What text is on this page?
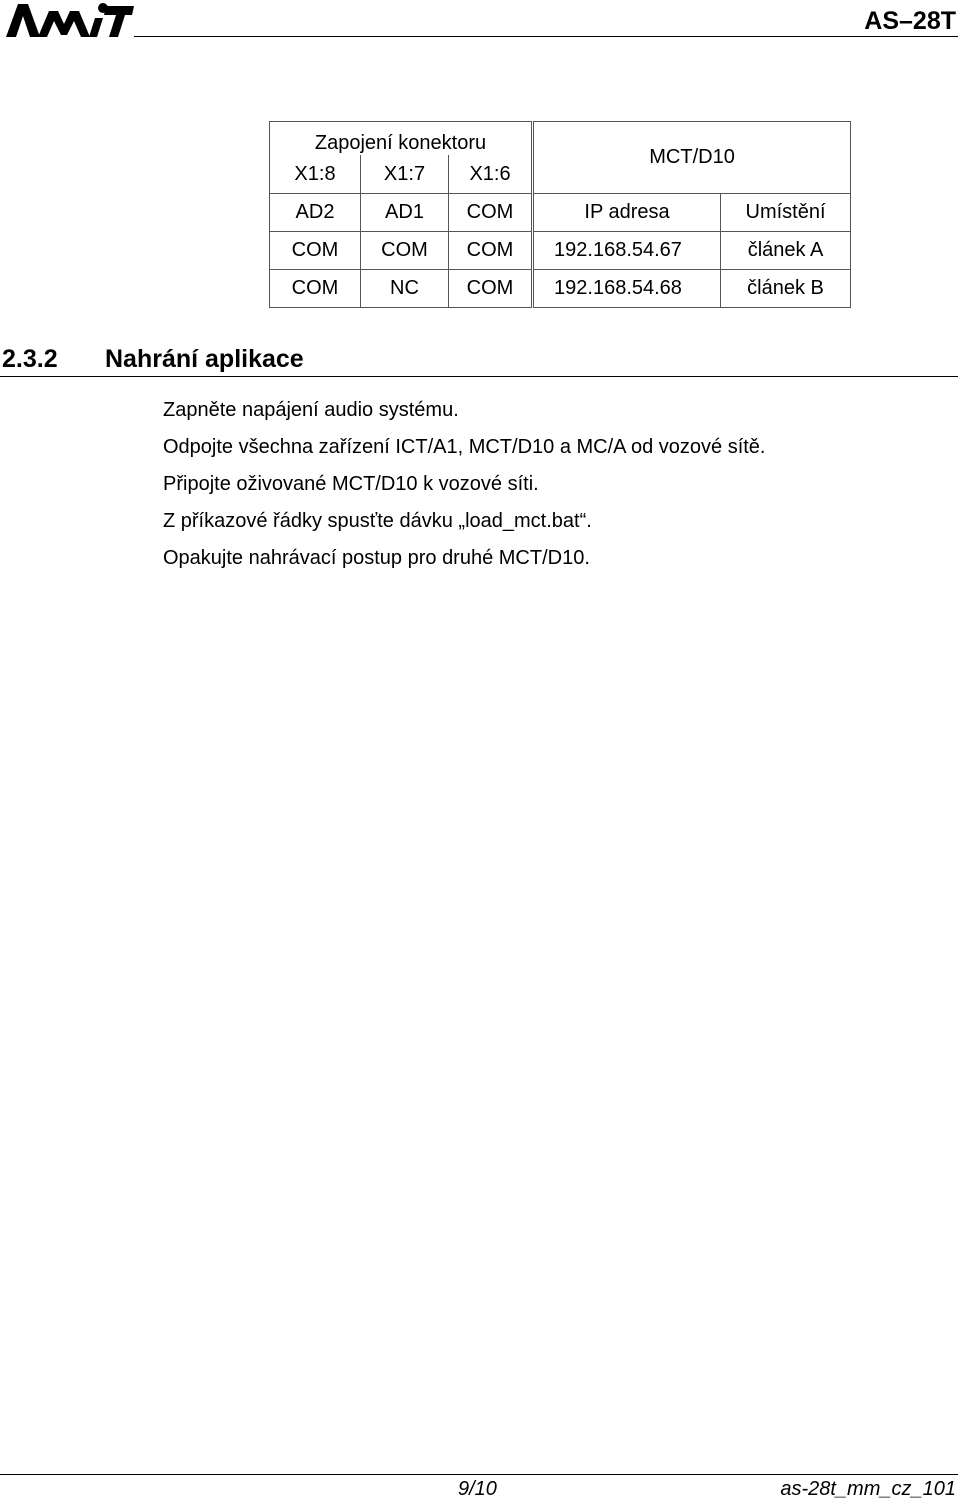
AS–28T
Zapojení konektoru			MCT/D10	
X1:8	X1:7	X1:6		
AD2	AD1	COM	IP adresa	Umístění
COM	COM	COM	192.168.54.67	článek A
COM	NC	COM	192.168.54.68	článek B
2.3.2 Nahrání aplikace
Zapněte napájení audio systému.
Odpojte všechna zařízení ICT/A1, MCT/D10 a MC/A od vozové sítě.
Připojte oživované MCT/D10 k vozové síti.
Z příkazové řádky spusťte dávku „load_mct.bat“.
Opakujte nahrávací postup pro druhé MCT/D10.
9/10	as-28t_mm_cz_101
